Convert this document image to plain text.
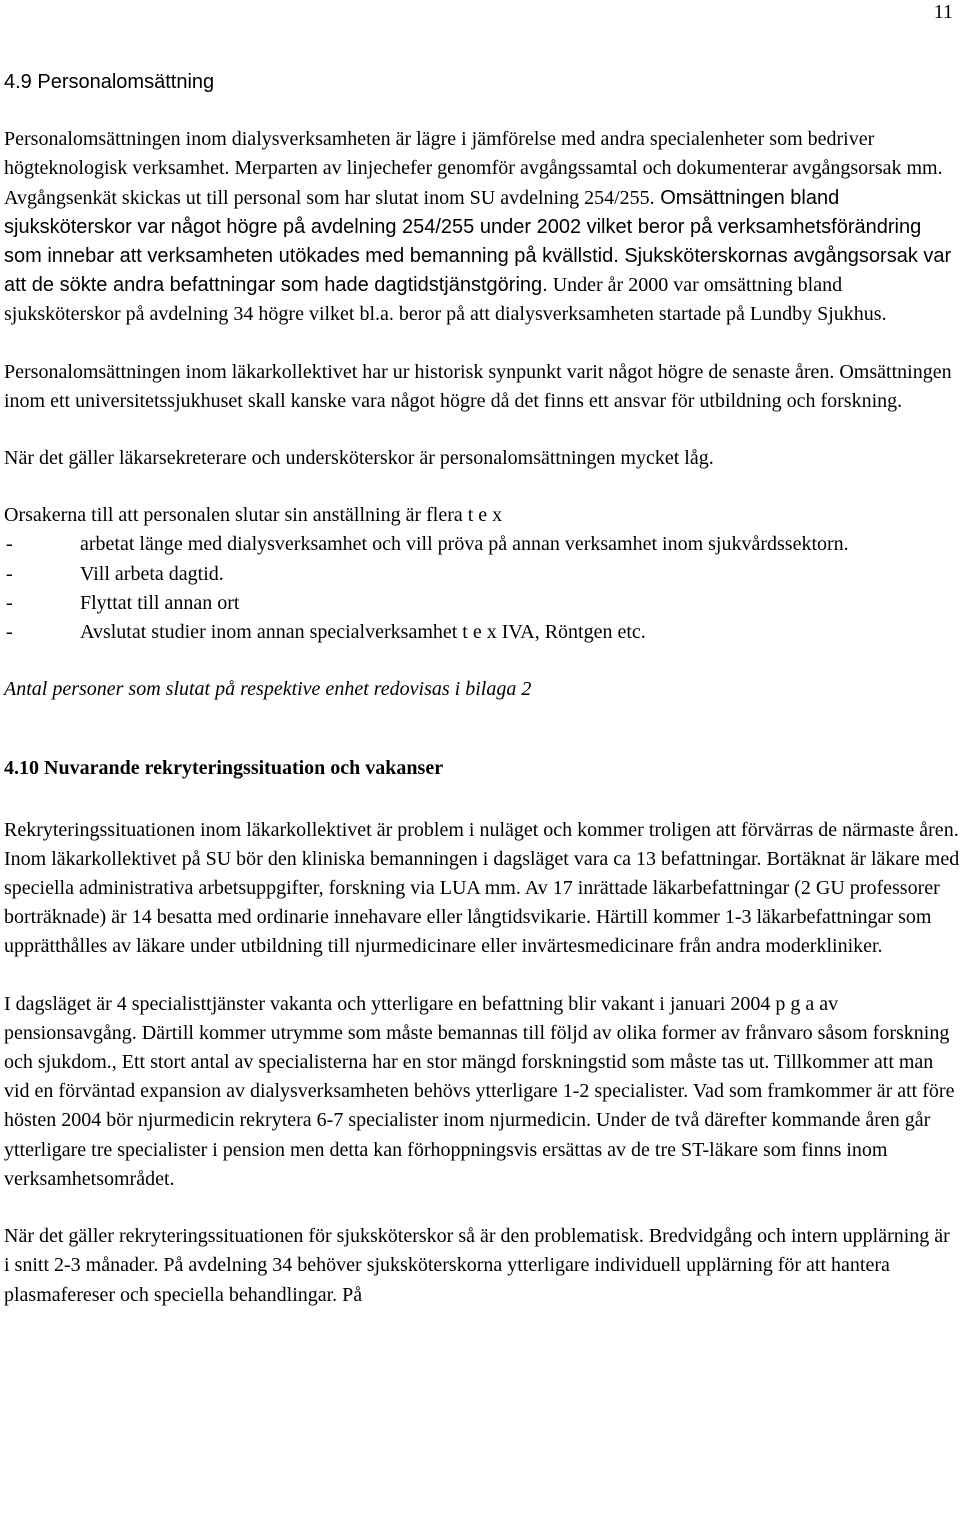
11
4.9 Personalomsättning

Personalomsättningen inom dialysverksamheten är lägre i jämförelse med andra specialenheter som bedriver högteknologisk verksamhet. Merparten av linjechefer genomför avgångssamtal och dokumenterar avgångsorsak mm. Avgångsenkät skickas ut till personal som har slutat inom SU avdelning 254/255. Omsättningen bland sjuksköterskor var något högre på avdelning 254/255 under 2002 vilket beror på verksamhetsförändring som innebar att verksamheten utökades med bemanning på kvällstid. Sjuksköterskornas avgångsorsak var att de sökte andra befattningar som hade dagtidstjänstgöring. Under år 2000 var omsättning bland sjuksköterskor på avdelning 34 högre vilket bl.a. beror på att dialysverksamheten startade på Lundby Sjukhus.

Personalomsättningen inom läkarkollektivet har ur historisk synpunkt varit något högre de senaste åren. Omsättningen inom ett universitetssjukhuset skall kanske vara något högre då det finns ett ansvar för utbildning och forskning.

När det gäller läkarsekreterare och undersköterskor är personalomsättningen mycket låg.

Orsakerna till att personalen slutar sin anställning är flera t e x
-	arbetat länge med dialysverksamhet och vill pröva på annan verksamhet inom sjukvårdssektorn.
-	Vill arbeta dagtid.
-	Flyttat till annan ort
-	Avslutat studier inom annan specialverksamhet t e x IVA, Röntgen etc.

Antal personer som slutat på respektive enhet redovisas i bilaga 2

4.10 Nuvarande rekryteringssituation och vakanser

Rekryteringssituationen inom läkarkollektivet är problem i nuläget och kommer troligen att förvärras de närmaste åren. Inom läkarkollektivet på SU bör den kliniska bemanningen i dagsläget vara ca 13 befattningar. Bortäknat är läkare med speciella administrativa arbetsuppgifter, forskning via LUA mm. Av 17 inrättade läkarbefattningar (2 GU professorer borträknade) är 14 besatta med ordinarie innehavare eller långtidsvikarie. Härtill kommer 1-3 läkarbefattningar som upprätthålles av läkare under utbildning till njurmedicinare eller invärtesmedicinare från andra moderkliniker.

I dagsläget är 4 specialisttjänster vakanta och ytterligare en befattning blir vakant i januari 2004 p g a av pensionsavgång. Därtill kommer utrymme som måste bemannas till följd av olika former av frånvaro såsom forskning och sjukdom., Ett stort antal av specialisterna har en stor mängd forskningstid som måste tas ut. Tillkommer att man vid en förväntad expansion av dialysverksamheten behövs ytterligare 1-2 specialister. Vad som framkommer är att före hösten 2004 bör njurmedicin rekrytera 6-7 specialister inom njurmedicin. Under de två därefter kommande åren går ytterligare tre specialister i pension men detta kan förhoppningsvis ersättas av de tre ST-läkare som finns inom verksamhetsområdet.

När det gäller rekryteringssituationen för sjuksköterskor så är den problematisk. Bredvidgång och intern upplärning är i snitt 2-3 månader. På avdelning 34 behöver sjuksköterskorna ytterligare individuell upplärning för att hantera plasmafereser och speciella behandlingar. På
